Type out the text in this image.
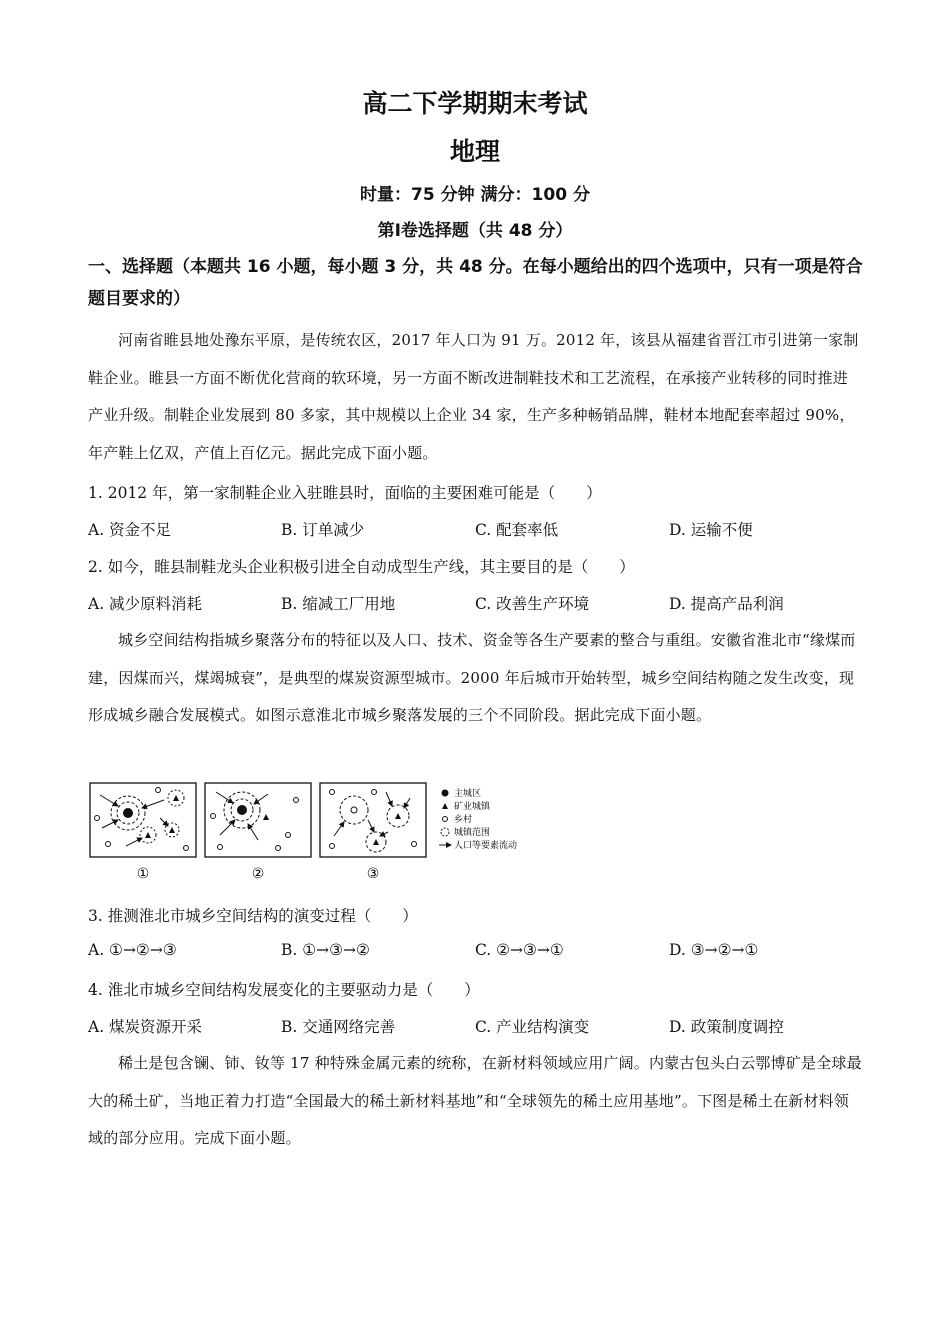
高二下学期期末考试
地理
时量：75 分钟 满分：100 分
第Ⅰ卷选择题（共 48 分）
一、选择题（本题共 16 小题，每小题 3 分，共 48 分。在每小题给出的四个选项中，只有一项是符合题目要求的）
河南省睢县地处豫东平原，是传统农区，2017 年人口为 91 万。2012 年，该县从福建省晋江市引进第一家制鞋企业。睢县一方面不断优化营商的软环境，另一方面不断改进制鞋技术和工艺流程，在承接产业转移的同时推进产业升级。制鞋企业发展到 80 多家，其中规模以上企业 34 家，生产多种畅销品牌，鞋材本地配套率超过 90%，年产鞋上亿双，产值上百亿元。据此完成下面小题。
1. 2012 年，第一家制鞋企业入驻睢县时，面临的主要困难可能是（　　）
A. 资金不足	B. 订单减少	C. 配套率低	D. 运输不便
2. 如今，睢县制鞋龙头企业积极引进全自动成型生产线，其主要目的是（　　）
A. 减少原料消耗	B. 缩减工厂用地	C. 改善生产环境	D. 提高产品利润
城乡空间结构指城乡聚落分布的特征以及人口、技术、资金等各生产要素的整合与重组。安徽省淮北市“缘煤而建，因煤而兴，煤竭城衰”，是典型的煤炭资源型城市。2000 年后城市开始转型，城乡空间结构随之发生改变，现形成城乡融合发展模式。如图示意淮北市城乡聚落发展的三个不同阶段。据此完成下面小题。
①	②	③
主城区
矿业城镇
乡村
城镇范围
人口等要素流动
3. 推测淮北市城乡空间结构的演变过程（　　）
A. ①→②→③	B. ①→③→②	C. ②→③→①	D. ③→②→①
4. 淮北市城乡空间结构发展变化的主要驱动力是（　　）
A. 煤炭资源开采	B. 交通网络完善	C. 产业结构演变	D. 政策制度调控
稀土是包含镧、铈、钕等 17 种特殊金属元素的统称，在新材料领域应用广阔。内蒙古包头白云鄂博矿是全球最大的稀土矿，当地正着力打造“全国最大的稀土新材料基地”和“全球领先的稀土应用基地”。下图是稀土在新材料领域的部分应用。完成下面小题。
